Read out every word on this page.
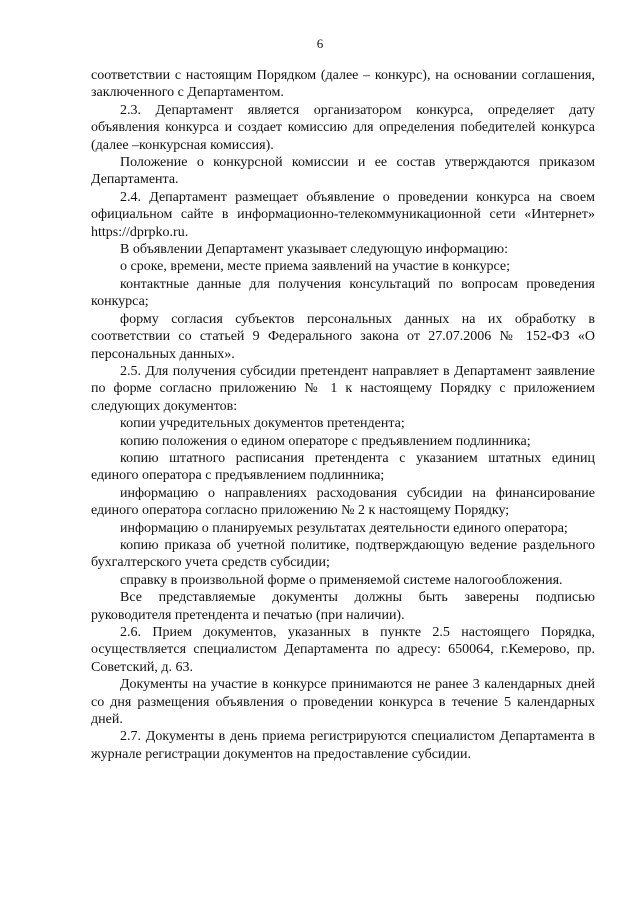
6

соответствии с настоящим Порядком (далее – конкурс), на основании соглашения, заключенного с Департаментом.

2.3. Департамент является организатором конкурса, определяет дату объявления конкурса и создает комиссию для определения победителей конкурса (далее –конкурсная комиссия).

Положение о конкурсной комиссии и ее состав утверждаются приказом Департамента.

2.4. Департамент размещает объявление о проведении конкурса на своем официальном сайте в информационно-телекоммуникационной сети «Интернет» https://dprpko.ru.

В объявлении Департамент указывает следующую информацию:

о сроке, времени, месте приема заявлений на участие в конкурсе;

контактные данные для получения консультаций по вопросам проведения конкурса;

форму согласия субъектов персональных данных на их обработку в соответствии со статьей 9 Федерального закона от 27.07.2006 № 152-ФЗ «О персональных данных».

2.5. Для получения субсидии претендент направляет в Департамент заявление по форме согласно приложению № 1 к настоящему Порядку с приложением следующих документов:

копии учредительных документов претендента;

копию положения о едином операторе с предъявлением подлинника;

копию штатного расписания претендента с указанием штатных единиц единого оператора с предъявлением подлинника;

информацию о направлениях расходования субсидии на финансирование единого оператора согласно приложению № 2 к настоящему Порядку;

информацию о планируемых результатах деятельности единого оператора;

копию приказа об учетной политике, подтверждающую ведение раздельного бухгалтерского учета средств субсидии;

справку в произвольной форме о применяемой системе налогообложения.

Все представляемые документы должны быть заверены подписью руководителя претендента и печатью (при наличии).

2.6. Прием документов, указанных в пункте 2.5 настоящего Порядка, осуществляется специалистом Департамента по адресу: 650064, г.Кемерово, пр. Советский, д. 63.

Документы на участие в конкурсе принимаются не ранее 3 календарных дней со дня размещения объявления о проведении конкурса в течение 5 календарных дней.

2.7. Документы в день приема регистрируются специалистом Департамента в журнале регистрации документов на предоставление субсидии.
